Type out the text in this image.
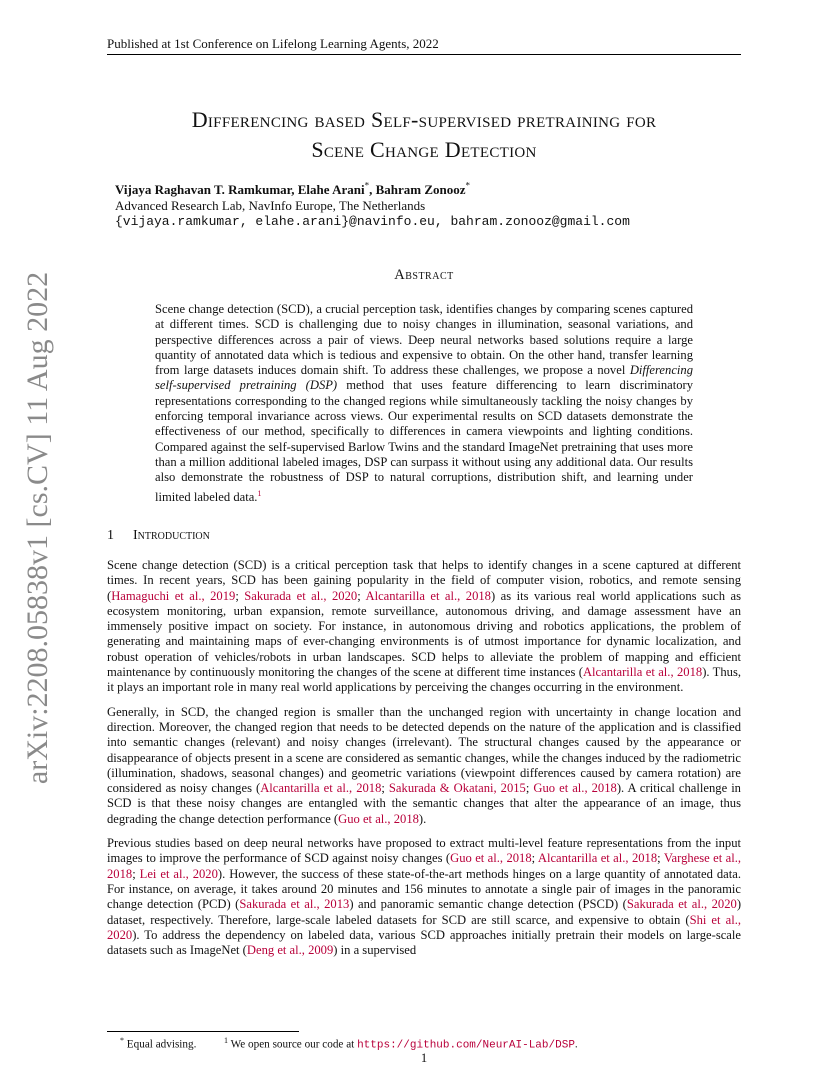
Published at 1st Conference on Lifelong Learning Agents, 2022
arXiv:2208.05838v1 [cs.CV] 11 Aug 2022
Differencing based Self-supervised pretraining for
Scene Change Detection
Vijaya Raghavan T. Ramkumar, Elahe Arani*, Bahram Zonooz*
Advanced Research Lab, NavInfo Europe, The Netherlands
{vijaya.ramkumar, elahe.arani}@navinfo.eu, bahram.zonooz@gmail.com
Abstract
Scene change detection (SCD), a crucial perception task, identifies changes by comparing scenes captured at different times. SCD is challenging due to noisy changes in illumination, seasonal variations, and perspective differences across a pair of views. Deep neural networks based solutions require a large quantity of annotated data which is tedious and expensive to obtain. On the other hand, transfer learning from large datasets induces domain shift. To address these challenges, we propose a novel Differencing self-supervised pretraining (DSP) method that uses feature differencing to learn discriminatory representations corresponding to the changed regions while simultaneously tackling the noisy changes by enforcing temporal invariance across views. Our experimental results on SCD datasets demonstrate the effectiveness of our method, specifically to differences in camera viewpoints and lighting conditions. Compared against the self-supervised Barlow Twins and the standard ImageNet pretraining that uses more than a million additional labeled images, DSP can surpass it without using any additional data. Our results also demonstrate the robustness of DSP to natural corruptions, distribution shift, and learning under limited labeled data.$^1$
1 Introduction

Scene change detection (SCD) is a critical perception task that helps to identify changes in a scene captured at different times. In recent years, SCD has been gaining popularity in the field of computer vision, robotics, and remote sensing (Hamaguchi et al., 2019; Sakurada et al., 2020; Alcantarilla et al., 2018) as its various real world applications such as ecosystem monitoring, urban expansion, remote surveillance, autonomous driving, and damage assessment have an immensely positive impact on society. For instance, in autonomous driving and robotics applications, the problem of generating and maintaining maps of ever-changing environments is of utmost importance for dynamic localization, and robust operation of vehicles/robots in urban landscapes. SCD helps to alleviate the problem of mapping and efficient maintenance by continuously monitoring the changes of the scene at different time instances (Alcantarilla et al., 2018). Thus, it plays an important role in many real world applications by perceiving the changes occurring in the environment.

Generally, in SCD, the changed region is smaller than the unchanged region with uncertainty in change location and direction. Moreover, the changed region that needs to be detected depends on the nature of the application and is classified into semantic changes (relevant) and noisy changes (irrelevant). The structural changes caused by the appearance or disappearance of objects present in a scene are considered as semantic changes, while the changes induced by the radiometric (illumination, shadows, seasonal changes) and geometric variations (viewpoint differences caused by camera rotation) are considered as noisy changes (Alcantarilla et al., 2018; Sakurada & Okatani, 2015; Guo et al., 2018). A critical challenge in SCD is that these noisy changes are entangled with the semantic changes that alter the appearance of an image, thus degrading the change detection performance (Guo et al., 2018).

Previous studies based on deep neural networks have proposed to extract multi-level feature representations from the input images to improve the performance of SCD against noisy changes (Guo et al., 2018; Alcantarilla et al., 2018; Varghese et al., 2018; Lei et al., 2020). However, the success of these state-of-the-art methods hinges on a large quantity of annotated data. For instance, on average, it takes around 20 minutes and 156 minutes to annotate a single pair of images in the panoramic change detection (PCD) (Sakurada et al., 2013) and panoramic semantic change detection (PSCD) (Sakurada et al., 2020) dataset, respectively. Therefore, large-scale labeled datasets for SCD are still scarce, and expensive to obtain (Shi et al., 2020). To address the dependency on labeled data, various SCD approaches initially pretrain their models on large-scale datasets such as ImageNet (Deng et al., 2009) in a supervised

* Equal advising.	$^1$ We open source our code at https://github.com/NeurAI-Lab/DSP.
1
